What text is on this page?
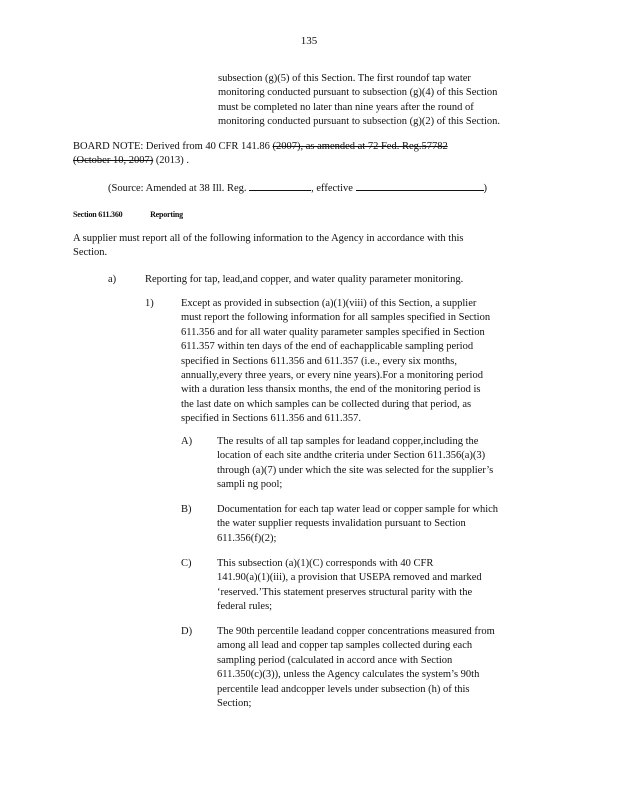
135
subsection (g)(5) of this Section. The first roundof tap water
monitoring conducted pursuant to subsection (g)(4) of this Section
must be completed no later than nine years after the round of
monitoring conducted pursuant to subsection (g)(2) of this Section.
BOARD NOTE: Derived from 40 CFR 141.86 (2007), as amended at 72 Fed. Reg.57782
(October 10, 2007) (2013) .
(Source: Amended at 38 Ill. Reg.	, effective	)
Section 611.360	Reporting
A supplier must report all of the following information to the Agency in accordance with this
Section.
a)	Reporting for tap, lead,and copper, and water quality parameter monitoring.
1)	Except as provided in subsection (a)(1)(viii) of this Section, a supplier
must report the following information for all samples specified in Section
611.356 and for all water quality parameter samples specified in Section
611.357 within ten days of the end of eachapplicable sampling period
specified in Sections 611.356 and 611.357 (i.e., every six months,
annually,every three years, or every nine years).For a monitoring period
with a duration less thansix months, the end of the monitoring period is
the last date on which samples can be collected during that period, as
specified in Sections 611.356 and 611.357.
A) The results of all tap samples for leadand copper,including the
location of each site andthe criteria under Section 611.356(a)(3)
through (a)(7) under which the site was selected for the supplier’s
sampli ng pool;
B) Documentation for each tap water lead or copper sample for which
the water supplier requests invalidation pursuant to Section
611.356(f)(2);
C) This subsection (a)(1)(C) corresponds with 40 CFR
141.90(a)(1)(iii), a provision that USEPA removed and marked
‘reserved.’This statement preserves structural parity with the
federal rules;
D) The 90th percentile leadand copper concentrations measured from
among all lead and copper tap samples collected during each
sampling period (calculated in accord ance with Section
611.350(c)(3)), unless the Agency calculates the system’s 90th
percentile lead andcopper levels under subsection (h) of this
Section;
